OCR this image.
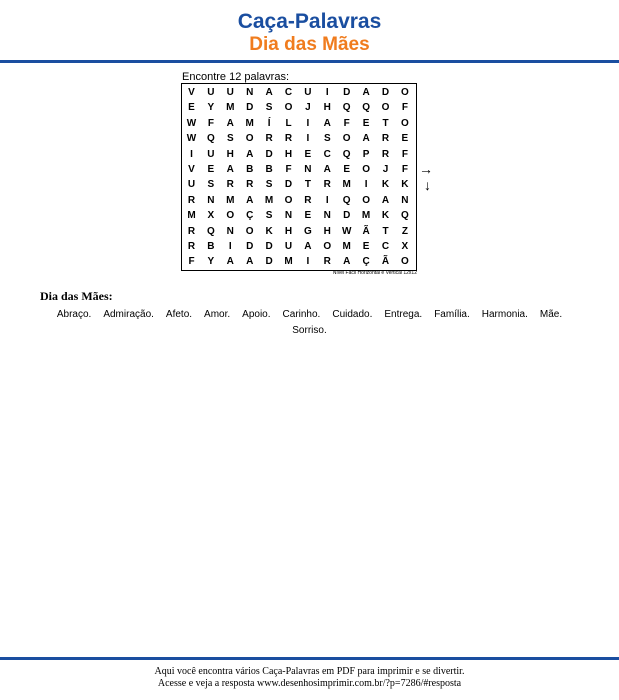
Caça-Palavras
Dia das Mães
Encontre 12 palavras:
V	U	U	N	A	C	U	I	D	A	D	O
E	Y	M	D	S	O	J	H	Q	Q	O	F
W	F	A	M	Í	L	I	A	F	E	T	O
W	Q	S	O	R	R	I	S	O	A	R	E
I	U	H	A	D	H	E	C	Q	P	R	F
V	E	A	B	B	F	N	A	E	O	J	F
U	S	R	R	S	D	T	R	M	I	K	K
R	N	M	A	M	O	R	I	Q	O	A	N
M	X	O	Ç	S	N	E	N	D	M	K	Q
R	Q	N	O	K	H	G	H	W	Ã	T	Z
R	B	I	D	D	U	A	O	M	E	C	X
F	Y	A	A	D	M	I	R	A	Ç	Ã	O
Nível Fácil Horizontal e Vertical 12x12
→
↓
Dia das Mães:
Abraço. Admiração. Afeto. Amor. Apoio. Carinho. Cuidado. Entrega. Família. Harmonia. Mãe.Sorriso.
Aqui você encontra vários Caça-Palavras em PDF para imprimir e se divertir.
Acesse e veja a resposta www.desenhosimprimir.com.br/?p=7286/#resposta
